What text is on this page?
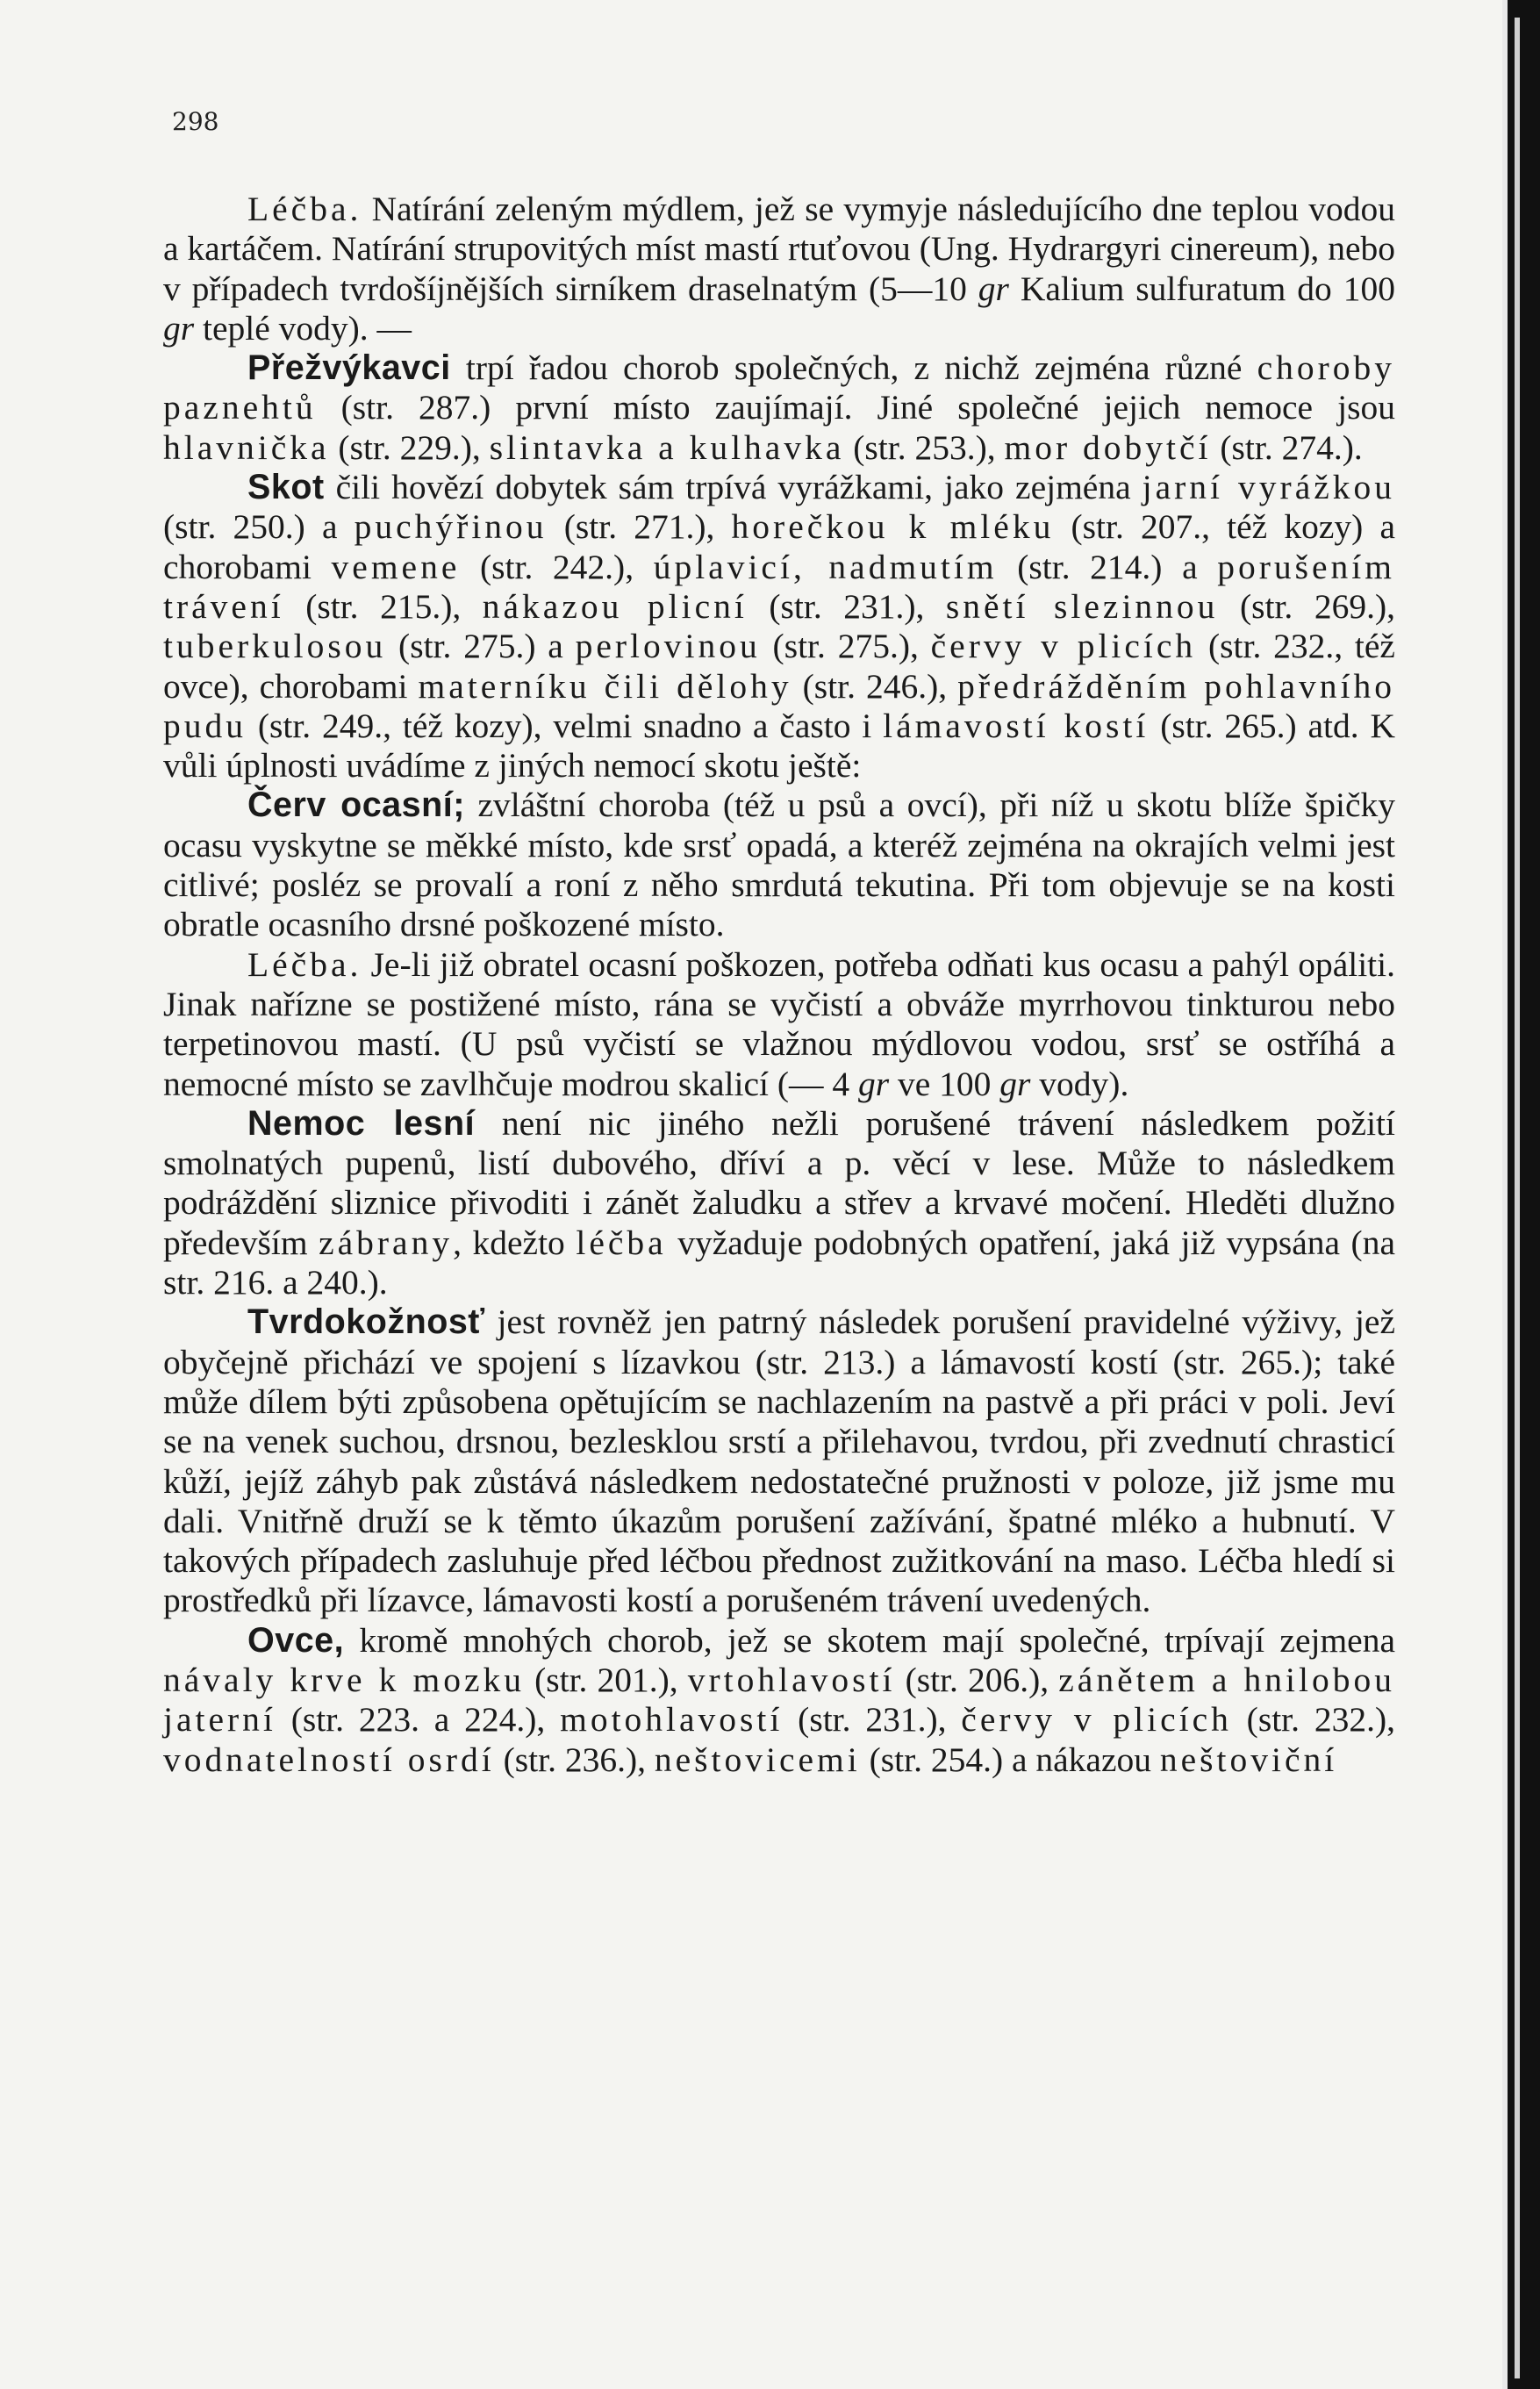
298

Léčba. Natírání zeleným mýdlem, jež se vymyje následujícího dne teplou vodou a kartáčem. Natírání strupovitých míst mastí rtuťovou (Ung. Hydrargyri cinereum), nebo v případech tvrdošíjnějších sirníkem draselnatým (5—10 gr Kalium sulfuratum do 100 gr teplé vody). —

Přežvýkavci trpí řadou chorob společných, z nichž zejména různé choroby paznehtů (str. 287.) první místo zaujímají. Jiné společné jejich nemoce jsou hlavnička (str. 229.), slintavka a kulhavka (str. 253.), mor dobytčí (str. 274.).

Skot čili hovězí dobytek sám trpívá vyrážkami, jako zejména jarní vyrážkou (str. 250.) a puchýřinou (str. 271.), horečkou k mléku (str. 207., též kozy) a chorobami vemene (str. 242.), úplavicí, nadmutím (str. 214.) a porušením trávení (str. 215.), nákazou plicní (str. 231.), snětí slezinnou (str. 269.), tuberkulosou (str. 275.) a perlovinou (str. 275.), červy v plicích (str. 232., též ovce), chorobami materníku čili dělohy (str. 246.), předrážděním pohlavního pudu (str. 249., též kozy), velmi snadno a často i lámavostí kostí (str. 265.) atd. K vůli úplnosti uvádíme z jiných nemocí skotu ještě:

Červ ocasní; zvláštní choroba (též u psů a ovcí), při níž u skotu blíže špičky ocasu vyskytne se měkké místo, kde srsť opadá, a kteréž zejména na okrajích velmi jest citlivé; posléz se provalí a roní z něho smrdutá tekutina. Při tom objevuje se na kosti obratle ocasního drsné poškozené místo.

Léčba. Je-li již obratel ocasní poškozen, potřeba odňati kus ocasu a pahýl opáliti. Jinak nařízne se postižené místo, rána se vyčistí a obváže myrrhovou tinkturou nebo terpetinovou mastí. (U psů vyčistí se vlažnou mýdlovou vodou, srsť se ostříhá a nemocné místo se zavlhčuje modrou skalicí (— 4 gr ve 100 gr vody).

Nemoc lesní není nic jiného nežli porušené trávení následkem požití smolnatých pupenů, listí dubového, dříví a p. věcí v lese. Může to následkem podráždění sliznice přivoditi i zánět žaludku a střev a krvavé močení. Hleděti dlužno především zábrany, kdežto léčba vyžaduje podobných opatření, jaká již vypsána (na str. 216. a 240.).

Tvrdokožnosť jest rovněž jen patrný následek porušení pravidelné výživy, jež obyčejně přichází ve spojení s lízavkou (str. 213.) a lámavostí kostí (str. 265.); také může dílem býti způsobena opětujícím se nachlazením na pastvě a při práci v poli. Jeví se na venek suchou, drsnou, bezlesklou srstí a přilehavou, tvrdou, při zvednutí chrasticí kůží, jejíž záhyb pak zůstává následkem nedostatečné pružnosti v poloze, již jsme mu dali. Vnitřně druží se k těmto úkazům porušení zažívání, špatné mléko a hubnutí. V takových případech zasluhuje před léčbou přednost zužitkování na maso. Léčba hledí si prostředků při lízavce, lámavosti kostí a porušeném trávení uvedených.

Ovce, kromě mnohých chorob, jež se skotem mají společné, trpívají zejmena návaly krve k mozku (str. 201.), vrtohlavostí (str. 206.), zánětem a hnilobou jaterní (str. 223. a 224.), motohlavostí (str. 231.), červy v plicích (str. 232.), vodnatelností osrdí (str. 236.), neštovicemi (str. 254.) a nákazou neštoviční
